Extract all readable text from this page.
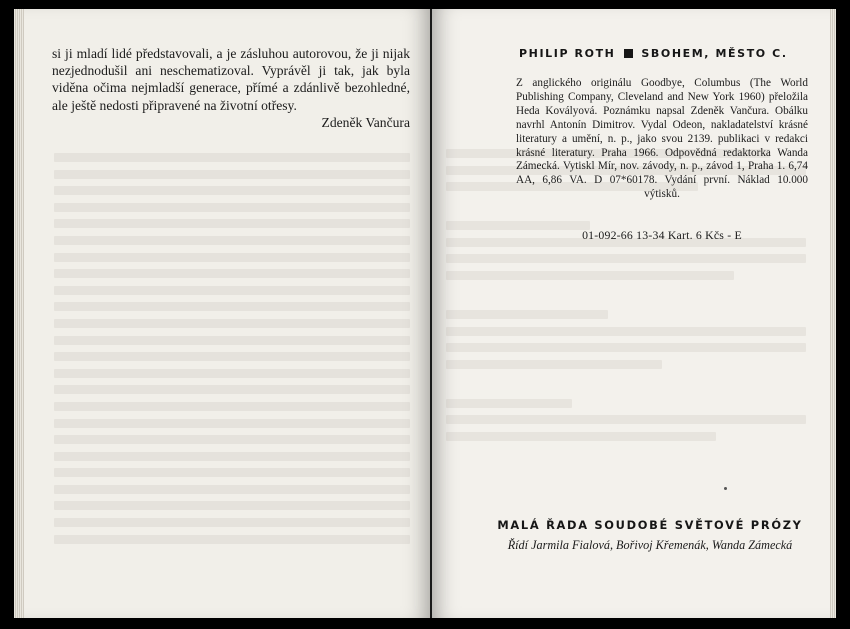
si ji mladí lidé představovali, a je zásluhou autorovou, že ji nijak nezjednodušil ani neschematizoval. Vyprávěl ji tak, jak byla viděna očima nejmladší generace, přímé a zdánlivě bezohledné, ale ještě nedosti připravené na životní otřesy.

Zdeněk Vančura
PHILIP ROTH SBOHEM, MĚSTO C.

Z anglického originálu Goodbye, Columbus (The World Publishing Company, Cleveland and New York 1960) přeložila Heda Kovályová. Poznámku napsal Zdeněk Vančura. Obálku navrhl Antonín Dimitrov. Vydal Odeon, nakladatelství krásné literatury a umění, n. p., jako svou 2139. publikaci v redakci krásné literatury. Praha 1966. Odpovědná redaktorka Wanda Zámecká. Vytiskl Mír, nov. závody, n. p., závod 1, Praha 1. 6,74 AA, 6,86 VA. D 07*60178. Vydání první. Náklad 10.000 výtisků.

01-092-66 13-34 Kart. 6 Kčs - E
MALÁ ŘADA SOUDOBÉ SVĚTOVÉ PRÓZY
Řídí Jarmila Fialová, Bořivoj Křemenák, Wanda Zámecká
